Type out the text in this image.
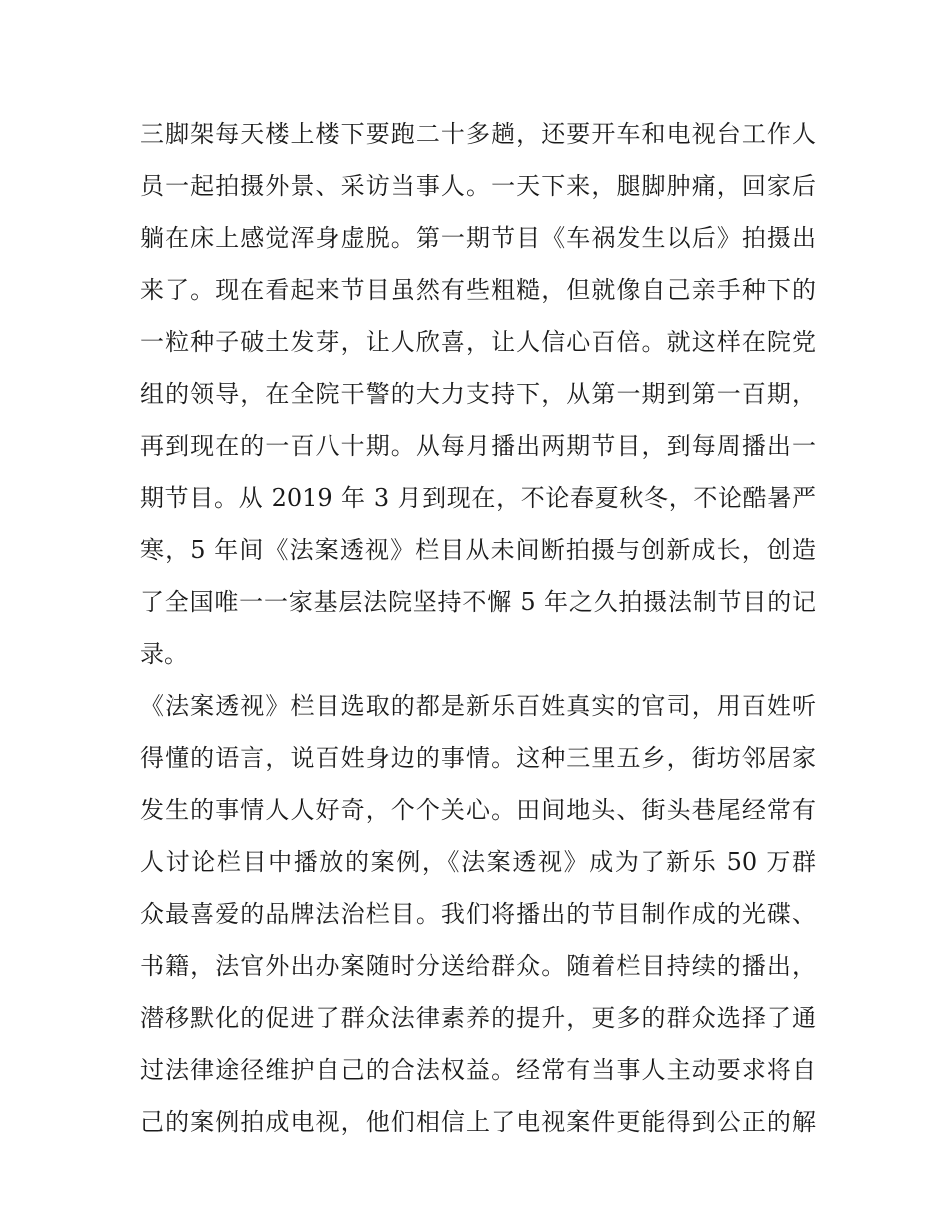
三脚架每天楼上楼下要跑二十多趟，还要开车和电视台工作人
员一起拍摄外景、采访当事人。一天下来，腿脚肿痛，回家后
躺在床上感觉浑身虚脱。第一期节目《车祸发生以后》拍摄出
来了。现在看起来节目虽然有些粗糙，但就像自己亲手种下的
一粒种子破土发芽，让人欣喜，让人信心百倍。就这样在院党
组的领导，在全院干警的大力支持下，从第一期到第一百期，
再到现在的一百八十期。从每月播出两期节目，到每周播出一
期节目。从 2019 年 3 月到现在，不论春夏秋冬，不论酷暑严
寒，5 年间《法案透视》栏目从未间断拍摄与创新成长，创造
了全国唯一一家基层法院坚持不懈 5 年之久拍摄法制节目的记
录。
《法案透视》栏目选取的都是新乐百姓真实的官司，用百姓听
得懂的语言，说百姓身边的事情。这种三里五乡，街坊邻居家
发生的事情人人好奇，个个关心。田间地头、街头巷尾经常有
人讨论栏目中播放的案例，《法案透视》成为了新乐 50 万群
众最喜爱的品牌法治栏目。我们将播出的节目制作成的光碟、
书籍，法官外出办案随时分送给群众。随着栏目持续的播出，
潜移默化的促进了群众法律素养的提升，更多的群众选择了通
过法律途径维护自己的合法权益。经常有当事人主动要求将自
己的案例拍成电视，他们相信上了电视案件更能得到公正的解
